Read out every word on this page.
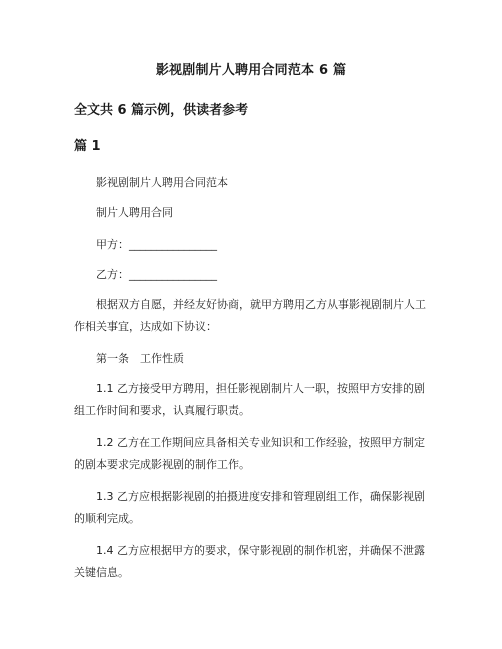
影视剧制片人聘用合同范本 6 篇
全文共 6 篇示例，供读者参考
篇 1
影视剧制片人聘用合同范本
制片人聘用合同
甲方：________________
乙方：________________
根据双方自愿，并经友好协商，就甲方聘用乙方从事影视剧制片人工作相关事宜，达成如下协议：
第一条　工作性质
1.1 乙方接受甲方聘用，担任影视剧制片人一职，按照甲方安排的剧组工作时间和要求，认真履行职责。
1.2 乙方在工作期间应具备相关专业知识和工作经验，按照甲方制定的剧本要求完成影视剧的制作工作。
1.3 乙方应根据影视剧的拍摄进度安排和管理剧组工作，确保影视剧的顺利完成。
1.4 乙方应根据甲方的要求，保守影视剧的制作机密，并确保不泄露关键信息。
